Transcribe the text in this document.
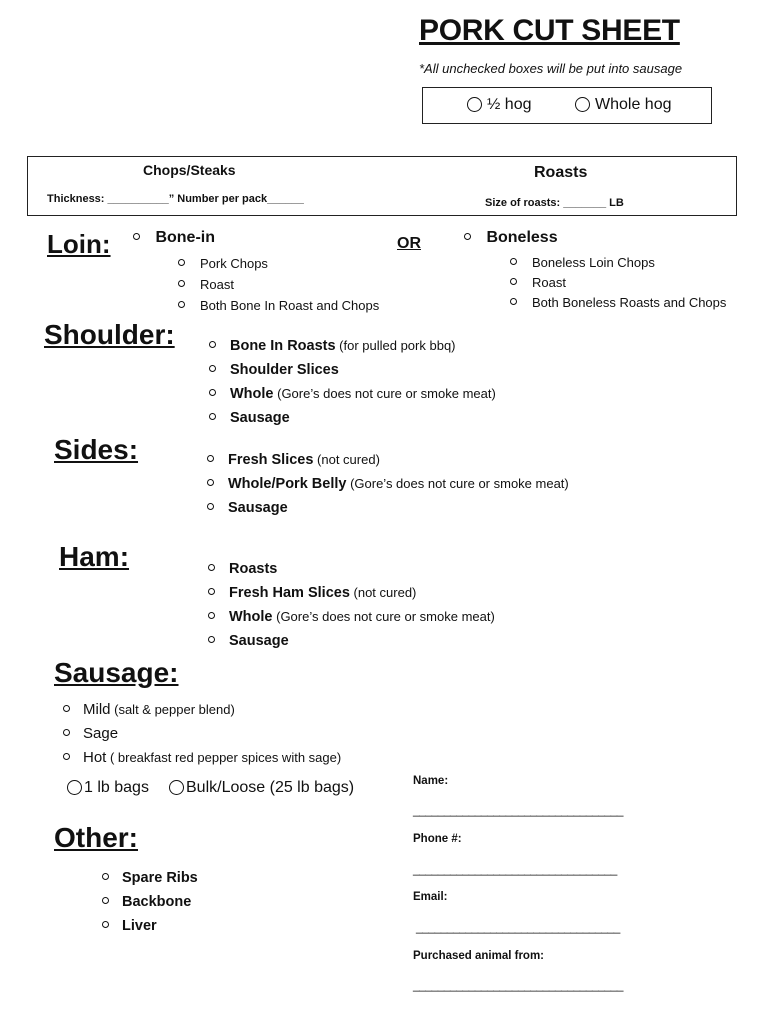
PORK CUT SHEET
*All unchecked boxes will be put into sausage
½ hog	Whole hog
Chops/Steaks
Thickness: __________” Number per pack______
Roasts
Size of roasts: _______ LB
Loin:	Bone-in
Pork Chops
Roast
Both Bone In Roast and Chops
OR	Boneless
Boneless Loin Chops
Roast
Both Boneless Roasts and Chops
Shoulder:	Bone In Roasts (for pulled pork bbq)
Shoulder Slices
Whole (Gore’s does not cure or smoke meat)
Sausage
Sides:	Fresh Slices (not cured)
Whole/Pork Belly (Gore’s does not cure or smoke meat)
Sausage
Ham:	Roasts
Fresh Ham Slices (not cured)
Whole (Gore’s does not cure or smoke meat)
Sausage
Sausage:
Mild (salt & pepper blend)
Sage
Hot ( breakfast red pepper spices with sage)
1 lb bags	Bulk/Loose (25 lb bags)
Other:
Spare Ribs
Backbone
Liver
Name:
__________________________________
Phone #:
_________________________________
Email:
_________________________________
Purchased animal from:
__________________________________
